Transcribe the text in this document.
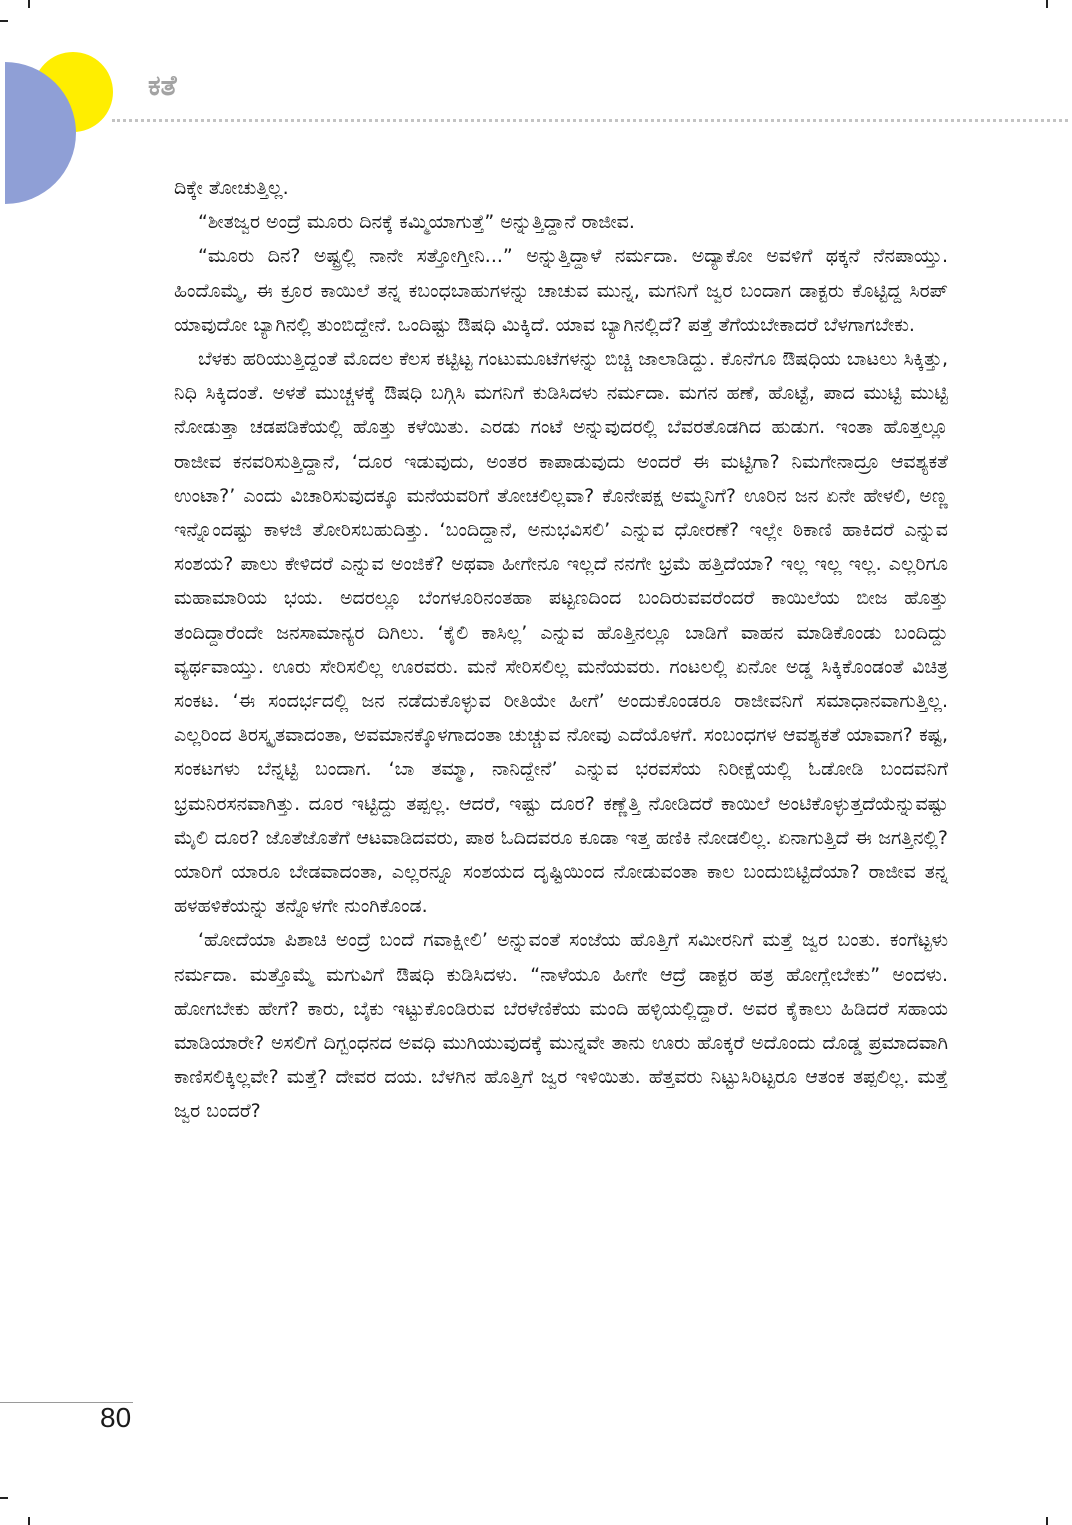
ಕತೆ

ದಿಕ್ಕೇ ತೋಚುತ್ತಿಲ್ಲ.

“ಶೀತಜ್ವರ ಅಂದ್ರೆ ಮೂರು ದಿನಕ್ಕೆ ಕಮ್ಮಿಯಾಗುತ್ತೆ” ಅನ್ನುತ್ತಿದ್ದಾನೆ ರಾಜೀವ.

“ಮೂರು ದಿನ? ಅಷ್ಟ್ರಲ್ಲಿ ನಾನೇ ಸತ್ತೋಗ್ತೀನಿ...” ಅನ್ನುತ್ತಿದ್ದಾಳೆ ನರ್ಮದಾ. ಅದ್ಯಾಕೋ ಅವಳಿಗೆ ಥಕ್ಕನೆ ನೆನಪಾಯ್ತು. ಹಿಂದೊಮ್ಮೆ, ಈ ಕ್ರೂರ ಕಾಯಿಲೆ ತನ್ನ ಕಬಂಧಬಾಹುಗಳನ್ನು ಚಾಚುವ ಮುನ್ನ, ಮಗನಿಗೆ ಜ್ವರ ಬಂದಾಗ ಡಾಕ್ಟರು ಕೊಟ್ಟಿದ್ದ ಸಿರಪ್ ಯಾವುದೋ ಬ್ಯಾಗಿನಲ್ಲಿ ತುಂಬಿದ್ದೇನೆ. ಒಂದಿಷ್ಟು ಔಷಧಿ ಮಿಕ್ಕಿದೆ. ಯಾವ ಬ್ಯಾಗಿನಲ್ಲಿದೆ? ಪತ್ತೆ ತೆಗೆಯಬೇಕಾದರೆ ಬೆಳಗಾಗಬೇಕು.

ಬೆಳಕು ಹರಿಯುತ್ತಿದ್ದಂತೆ ಮೊದಲ ಕೆಲಸ ಕಟ್ಟಿಟ್ಟ ಗಂಟುಮೂಟೆಗಳನ್ನು ಬಿಚ್ಚಿ ಜಾಲಾಡಿದ್ದು. ಕೊನೆಗೂ ಔಷಧಿಯ ಬಾಟಲು ಸಿಕ್ಕಿತ್ತು, ನಿಧಿ ಸಿಕ್ಕಿದಂತೆ. ಅಳತೆ ಮುಚ್ಚಳಕ್ಕೆ ಔಷಧಿ ಬಗ್ಗಿಸಿ ಮಗನಿಗೆ ಕುಡಿಸಿದಳು ನರ್ಮದಾ. ಮಗನ ಹಣೆ, ಹೊಟ್ಟೆ, ಪಾದ ಮುಟ್ಟಿ ಮುಟ್ಟಿ ನೋಡುತ್ತಾ ಚಡಪಡಿಕೆಯಲ್ಲಿ ಹೊತ್ತು ಕಳೆಯಿತು. ಎರಡು ಗಂಟೆ ಅನ್ನುವುದರಲ್ಲಿ ಬೆವರತೊಡಗಿದ ಹುಡುಗ. ಇಂತಾ ಹೊತ್ತಲ್ಲೂ ರಾಜೀವ ಕನವರಿಸುತ್ತಿದ್ದಾನೆ, ‘ದೂರ ಇಡುವುದು, ಅಂತರ ಕಾಪಾಡುವುದು ಅಂದರೆ ಈ ಮಟ್ಟಿಗಾ? ನಿಮಗೇನಾದ್ರೂ ಆವಶ್ಯಕತೆ ಉಂಟಾ?’ ಎಂದು ವಿಚಾರಿಸುವುದಕ್ಕೂ ಮನೆಯವರಿಗೆ ತೋಚಲಿಲ್ಲವಾ? ಕೊನೇಪಕ್ಷ ಅಮ್ಮನಿಗೆ? ಊರಿನ ಜನ ಏನೇ ಹೇಳಲಿ, ಅಣ್ಣ ಇನ್ನೊಂದಷ್ಟು ಕಾಳಜಿ ತೋರಿಸಬಹುದಿತ್ತು. ‘ಬಂದಿದ್ದಾನೆ, ಅನುಭವಿಸಲಿ’ ಎನ್ನುವ ಧೋರಣೆ? ಇಲ್ಲೇ ಠಿಕಾಣಿ ಹಾಕಿದರೆ ಎನ್ನುವ ಸಂಶಯ? ಪಾಲು ಕೇಳಿದರೆ ಎನ್ನುವ ಅಂಜಿಕೆ? ಅಥವಾ ಹೀಗೇನೂ ಇಲ್ಲದೆ ನನಗೇ ಭ್ರಮೆ ಹತ್ತಿದೆಯಾ? ಇಲ್ಲ ಇಲ್ಲ ಇಲ್ಲ. ಎಲ್ಲರಿಗೂ ಮಹಾಮಾರಿಯ ಭಯ. ಅದರಲ್ಲೂ ಬೆಂಗಳೂರಿನಂತಹಾ ಪಟ್ಟಣದಿಂದ ಬಂದಿರುವವರೆಂದರೆ ಕಾಯಿಲೆಯ ಬೀಜ ಹೊತ್ತು ತಂದಿದ್ದಾರೆಂದೇ ಜನಸಾಮಾನ್ಯರ ದಿಗಿಲು. ‘ಕೈಲಿ ಕಾಸಿಲ್ಲ’ ಎನ್ನುವ ಹೊತ್ತಿನಲ್ಲೂ ಬಾಡಿಗೆ ವಾಹನ ಮಾಡಿಕೊಂಡು ಬಂದಿದ್ದು ವ್ಯರ್ಥವಾಯ್ತು. ಊರು ಸೇರಿಸಲಿಲ್ಲ ಊರವರು. ಮನೆ ಸೇರಿಸಲಿಲ್ಲ ಮನೆಯವರು. ಗಂಟಲಲ್ಲಿ ಏನೋ ಅಡ್ಡ ಸಿಕ್ಕಿಕೊಂಡಂತೆ ವಿಚಿತ್ರ ಸಂಕಟ. ‘ಈ ಸಂದರ್ಭದಲ್ಲಿ ಜನ ನಡೆದುಕೊಳ್ಳುವ ರೀತಿಯೇ ಹೀಗೆ’ ಅಂದುಕೊಂಡರೂ ರಾಜೀವನಿಗೆ ಸಮಾಧಾನವಾಗುತ್ತಿಲ್ಲ. ಎಲ್ಲರಿಂದ ತಿರಸ್ಕೃತವಾದಂತಾ, ಅವಮಾನಕ್ಕೊಳಗಾದಂತಾ ಚುಚ್ಚುವ ನೋವು ಎದೆಯೊಳಗೆ. ಸಂಬಂಧಗಳ ಆವಶ್ಯಕತೆ ಯಾವಾಗ? ಕಷ್ಟ, ಸಂಕಟಗಳು ಬೆನ್ನಟ್ಟಿ ಬಂದಾಗ. ‘ಬಾ ತಮ್ಮಾ, ನಾನಿದ್ದೇನೆ’ ಎನ್ನುವ ಭರವಸೆಯ ನಿರೀಕ್ಷೆಯಲ್ಲಿ ಓಡೋಡಿ ಬಂದವನಿಗೆ ಭ್ರಮನಿರಸನವಾಗಿತ್ತು. ದೂರ ಇಟ್ಟಿದ್ದು ತಪ್ಪಲ್ಲ. ಆದರೆ, ಇಷ್ಟು ದೂರ? ಕಣ್ಣೆತ್ತಿ ನೋಡಿದರೆ ಕಾಯಿಲೆ ಅಂಟಿಕೊಳ್ಳುತ್ತದೆಯೆನ್ನುವಷ್ಟು ಮೈಲಿ ದೂರ? ಜೊತೆಜೊತೆಗೆ ಆಟವಾಡಿದವರು, ಪಾಠ ಓದಿದವರೂ ಕೂಡಾ ಇತ್ತ ಹಣಿಕಿ ನೋಡಲಿಲ್ಲ. ಏನಾಗುತ್ತಿದೆ ಈ ಜಗತ್ತಿನಲ್ಲಿ? ಯಾರಿಗೆ ಯಾರೂ ಬೇಡವಾದಂತಾ, ಎಲ್ಲರನ್ನೂ ಸಂಶಯದ ದೃಷ್ಟಿಯಿಂದ ನೋಡುವಂತಾ ಕಾಲ ಬಂದುಬಿಟ್ಟಿದೆಯಾ? ರಾಜೀವ ತನ್ನ ಹಳಹಳಿಕೆಯನ್ನು ತನ್ನೊಳಗೇ ನುಂಗಿಕೊಂಡ.

‘ಹೋದೆಯಾ ಪಿಶಾಚಿ ಅಂದ್ರೆ ಬಂದೆ ಗವಾಕ್ಷೀಲಿ’ ಅನ್ನುವಂತೆ ಸಂಜೆಯ ಹೊತ್ತಿಗೆ ಸಮೀರನಿಗೆ ಮತ್ತೆ ಜ್ವರ ಬಂತು. ಕಂಗೆಟ್ಟಳು ನರ್ಮದಾ. ಮತ್ತೊಮ್ಮೆ ಮಗುವಿಗೆ ಔಷಧಿ ಕುಡಿಸಿದಳು. “ನಾಳೆಯೂ ಹೀಗೇ ಆದ್ರೆ ಡಾಕ್ಟರ ಹತ್ರ ಹೋಗ್ಲೇಬೇಕು” ಅಂದಳು. ಹೋಗಬೇಕು ಹೇಗೆ? ಕಾರು, ಬೈಕು ಇಟ್ಟುಕೊಂಡಿರುವ ಬೆರಳೆಣಿಕೆಯ ಮಂದಿ ಹಳ್ಳಿಯಲ್ಲಿದ್ದಾರೆ. ಅವರ ಕೈಕಾಲು ಹಿಡಿದರೆ ಸಹಾಯ ಮಾಡಿಯಾರೇ? ಅಸಲಿಗೆ ದಿಗ್ಬಂಧನದ ಅವಧಿ ಮುಗಿಯುವುದಕ್ಕೆ ಮುನ್ನವೇ ತಾನು ಊರು ಹೊಕ್ಕರೆ ಅದೊಂದು ದೊಡ್ಡ ಪ್ರಮಾದವಾಗಿ ಕಾಣಿಸಲಿಕ್ಕಿಲ್ಲವೇ? ಮತ್ತೆ? ದೇವರ ದಯ. ಬೆಳಗಿನ ಹೊತ್ತಿಗೆ ಜ್ವರ ಇಳಿಯಿತು. ಹೆತ್ತವರು ನಿಟ್ಟುಸಿರಿಟ್ಟರೂ ಆತಂಕ ತಪ್ಪಲಿಲ್ಲ. ಮತ್ತೆ ಜ್ವರ ಬಂದರೆ?

80
